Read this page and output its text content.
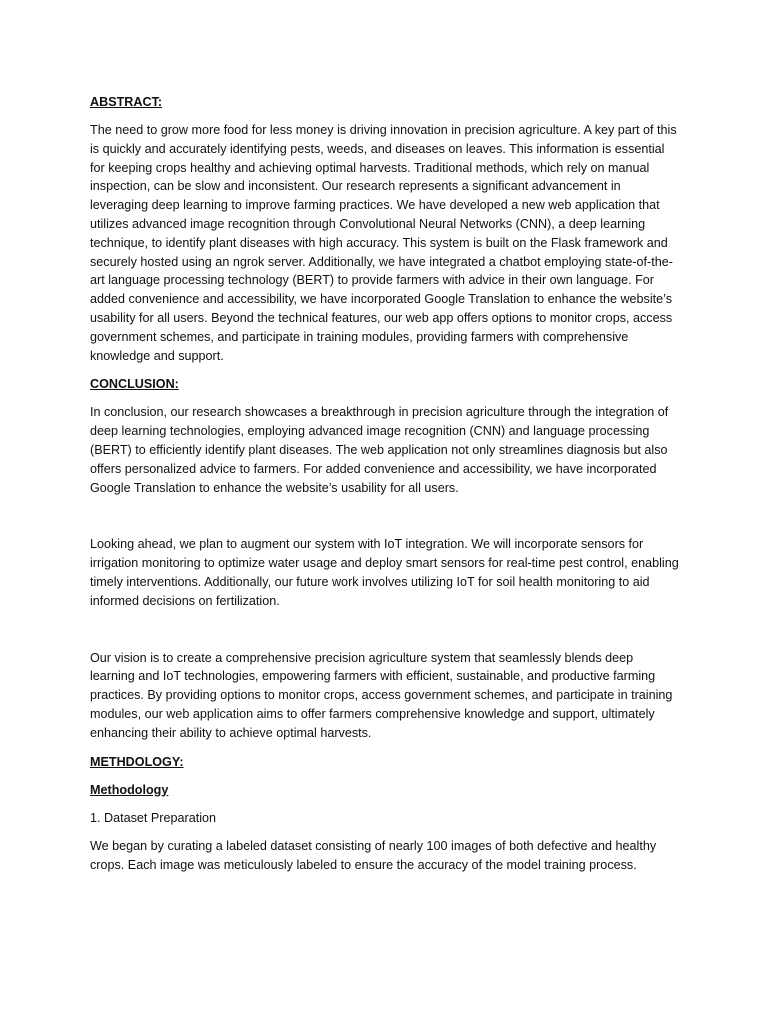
ABSTRACT:

The need to grow more food for less money is driving innovation in precision agriculture. A key part of this is quickly and accurately identifying pests, weeds, and diseases on leaves. This information is essential for keeping crops healthy and achieving optimal harvests. Traditional methods, which rely on manual inspection, can be slow and inconsistent. Our research represents a significant advancement in leveraging deep learning to improve farming practices. We have developed a new web application that utilizes advanced image recognition through Convolutional Neural Networks (CNN), a deep learning technique, to identify plant diseases with high accuracy. This system is built on the Flask framework and securely hosted using an ngrok server. Additionally, we have integrated a chatbot employing state-of-the-art language processing technology (BERT) to provide farmers with advice in their own language. For added convenience and accessibility, we have incorporated Google Translation to enhance the website’s usability for all users. Beyond the technical features, our web app offers options to monitor crops, access government schemes, and participate in training modules, providing farmers with comprehensive knowledge and support.

CONCLUSION:

In conclusion, our research showcases a breakthrough in precision agriculture through the integration of deep learning technologies, employing advanced image recognition (CNN) and language processing (BERT) to efficiently identify plant diseases. The web application not only streamlines diagnosis but also offers personalized advice to farmers. For added convenience and accessibility, we have incorporated Google Translation to enhance the website’s usability for all users.

Looking ahead, we plan to augment our system with IoT integration. We will incorporate sensors for irrigation monitoring to optimize water usage and deploy smart sensors for real-time pest control, enabling timely interventions. Additionally, our future work involves utilizing IoT for soil health monitoring to aid informed decisions on fertilization.

Our vision is to create a comprehensive precision agriculture system that seamlessly blends deep learning and IoT technologies, empowering farmers with efficient, sustainable, and productive farming practices. By providing options to monitor crops, access government schemes, and participate in training modules, our web application aims to offer farmers comprehensive knowledge and support, ultimately enhancing their ability to achieve optimal harvests.

METHDOLOGY:
Methodology

1. Dataset Preparation

We began by curating a labeled dataset consisting of nearly 100 images of both defective and healthy crops. Each image was meticulously labeled to ensure the accuracy of the model training process.
